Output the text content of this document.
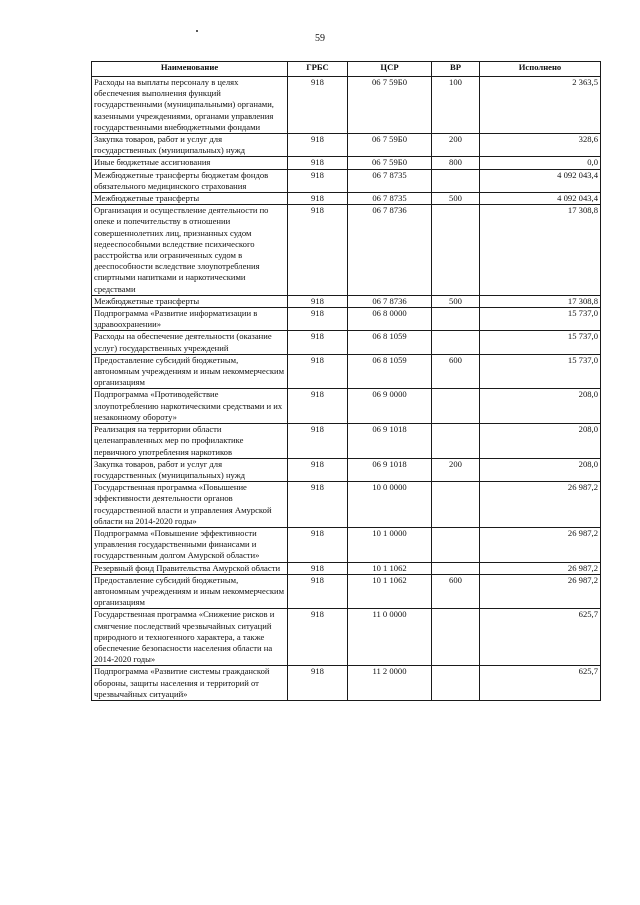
59
Наименование	ГРБС	ЦСР	ВР	Исполнено
Расходы на выплаты персоналу в целях обеспечения выполнения функций государственными (муниципальными) органами, казенными учреждениями, органами управления государственными внебюджетными фондами	918	06 7 59Б0	100	2 363,5
Закупка товаров, работ и услуг для государственных (муниципальных) нужд	918	06 7 59Б0	200	328,6
Иные бюджетные ассигнования	918	06 7 59Б0	800	0,0
Межбюджетные трансферты бюджетам фондов обязательного медицинского страхования	918	06 7 8735		4 092 043,4
Межбюджетные трансферты	918	06 7 8735	500	4 092 043,4
Организация и осуществление деятельности по опеке и попечительству в отношении совершеннолетних лиц, признанных судом недееспособными вследствие психического расстройства или ограниченных судом в дееспособности вследствие злоупотребления спиртными напитками и наркотическими средствами	918	06 7 8736		17 308,8
Межбюджетные трансферты	918	06 7 8736	500	17 308,8
Подпрограмма «Развитие информатизации в здравоохранении»	918	06 8 0000		15 737,0
Расходы на обеспечение деятельности (оказание услуг) государственных учреждений	918	06 8 1059		15 737,0
Предоставление субсидий бюджетным, автономным учреждениям и иным некоммерческим организациям	918	06 8 1059	600	15 737,0
Подпрограмма «Противодействие злоупотреблению наркотическими средствами и их незаконному обороту»	918	06 9 0000		208,0
Реализация на территории области целенаправленных мер по профилактике первичного употребления наркотиков	918	06 9 1018		208,0
Закупка товаров, работ и услуг для государственных (муниципальных) нужд	918	06 9 1018	200	208,0
Государственная программа «Повышение эффективности деятельности органов государственной власти и управления Амурской области на 2014-2020 годы»	918	10 0 0000		26 987,2
Подпрограмма «Повышение эффективности управления государственными финансами и государственным долгом Амурской области»	918	10 1 0000		26 987,2
Резервный фонд Правительства Амурской области	918	10 1 1062		26 987,2
Предоставление субсидий бюджетным, автономным учреждениям и иным некоммерческим организациям	918	10 1 1062	600	26 987,2
Государственная программа «Снижение рисков и смягчение последствий чрезвычайных ситуаций природного и техногенного характера, а также обеспечение безопасности населения области на 2014-2020 годы»	918	11 0 0000		625,7
Подпрограмма «Развитие системы гражданской обороны, защиты населения и территорий от чрезвычайных ситуаций»	918	11 2 0000		625,7
